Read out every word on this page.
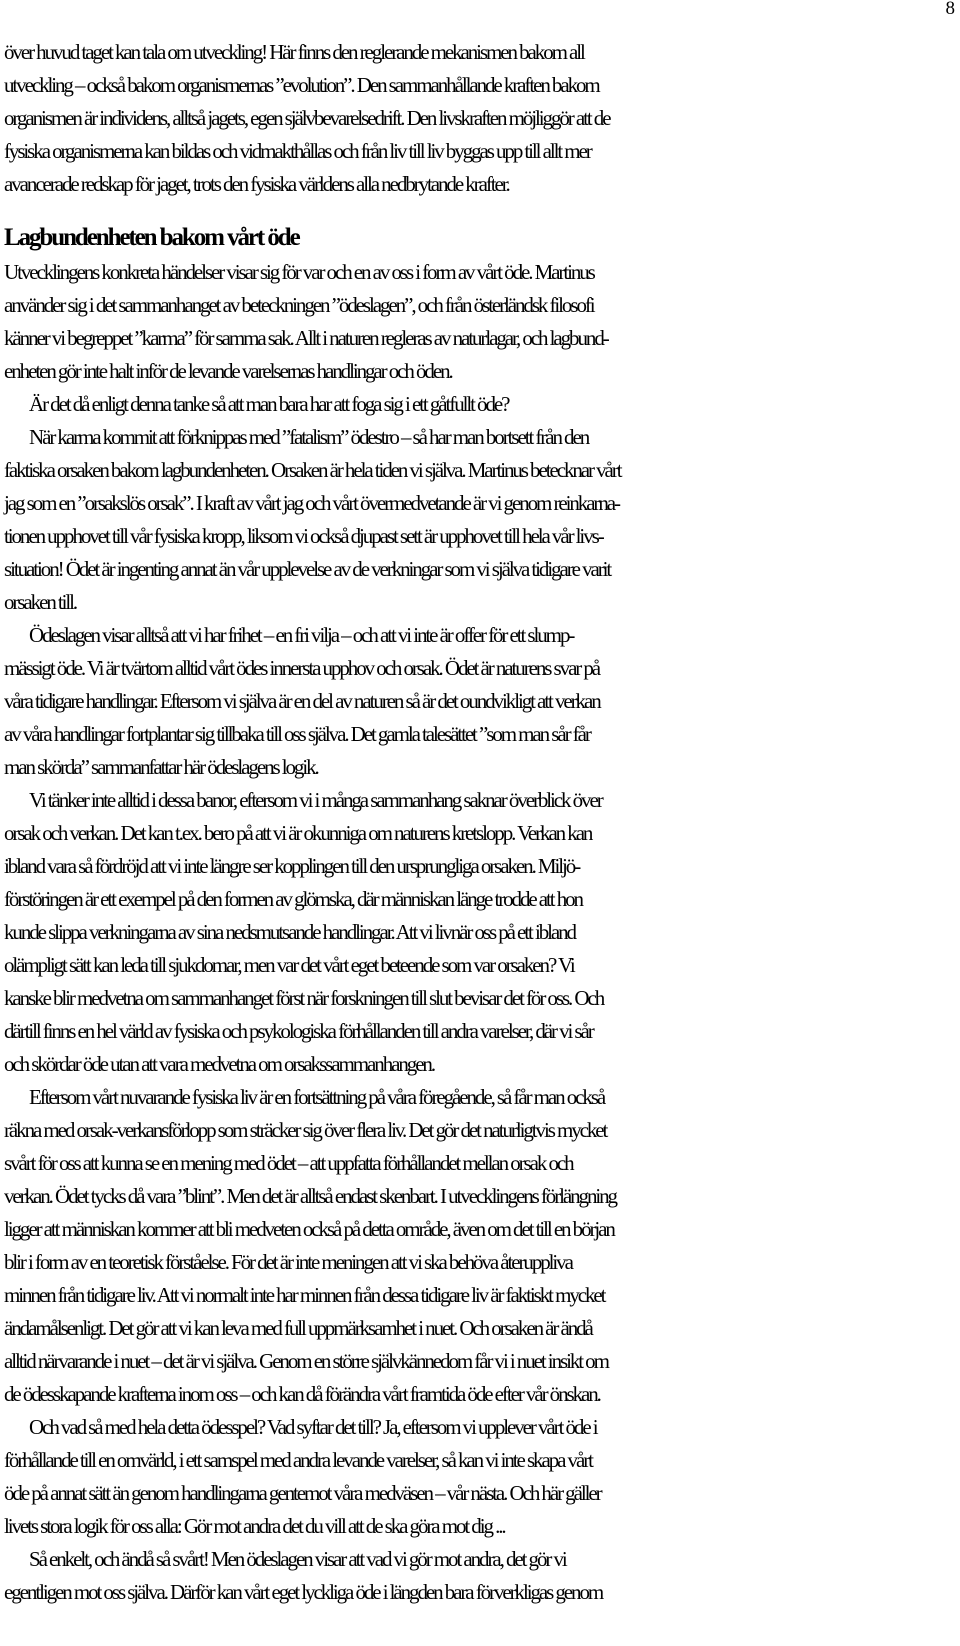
8
över huvud taget kan tala om utveckling! Här finns den reglerande mekanismen bakom all
utveckling – också bakom organismernas ”evolution”. Den sammanhållande kraften bakom
organismen är individens, alltså jagets, egen självbevarelsedrift. Den livskraften möjliggör att de
fysiska organismerna kan bildas och vidmakthållas och från liv till liv byggas upp till allt mer
avancerade redskap för jaget, trots den fysiska världens alla nedbrytande krafter.
Lagbundenheten bakom vårt öde
Utvecklingens konkreta händelser visar sig för var och en av oss i form av vårt öde. Martinus
använder sig i det sammanhanget av beteckningen ”ödeslagen”, och från österländsk filosofi
känner vi begreppet ”karma” för samma sak. Allt i naturen regleras av naturlagar, och lagbund-
enheten gör inte halt inför de levande varelsernas handlingar och öden.
Är det då enligt denna tanke så att man bara har att foga sig i ett gåtfullt öde?
När karma kommit att förknippas med ”fatalism” ödestro – så har man bortsett från den
faktiska orsaken bakom lagbundenheten. Orsaken är hela tiden vi själva. Martinus betecknar vårt
jag som en ”orsakslös orsak”. I kraft av vårt jag och vårt övermedvetande är vi genom reinkarna-
tionen upphovet till vår fysiska kropp, liksom vi också djupast sett är upphovet till hela vår livs-
situation! Ödet är ingenting annat än vår upplevelse av de verkningar som vi själva tidigare varit
orsaken till.
Ödeslagen visar alltså att vi har frihet – en fri vilja – och att vi inte är offer för ett slump-
mässigt öde. Vi är tvärtom alltid vårt ödes innersta upphov och orsak. Ödet är naturens svar på
våra tidigare handlingar. Eftersom vi själva är en del av naturen så är det oundvikligt att verkan
av våra handlingar fortplantar sig tillbaka till oss själva. Det gamla talesättet ”som man sår får
man skörda” sammanfattar här ödeslagens logik.
Vi tänker inte alltid i dessa banor, eftersom vi i många sammanhang saknar överblick över
orsak och verkan. Det kan t.ex. bero på att vi är okunniga om naturens kretslopp. Verkan kan
ibland vara så fördröjd att vi inte längre ser kopplingen till den ursprungliga orsaken. Miljö-
förstöringen är ett exempel på den formen av glömska, där människan länge trodde att hon
kunde slippa verkningarna av sina nedsmutsande handlingar. Att vi livnär oss på ett ibland
olämpligt sätt kan leda till sjukdomar, men var det vårt eget beteende som var orsaken? Vi
kanske blir medvetna om sammanhanget först när forskningen till slut bevisar det för oss. Och
därtill finns en hel värld av fysiska och psykologiska förhållanden till andra varelser, där vi sår
och skördar öde utan att vara medvetna om orsakssammanhangen.
Eftersom vårt nuvarande fysiska liv är en fortsättning på våra föregående, så får man också
räkna med orsak-verkansförlopp som sträcker sig över flera liv. Det gör det naturligtvis mycket
svårt för oss att kunna se en mening med ödet – att uppfatta förhållandet mellan orsak och
verkan. Ödet tycks då vara ”blint”. Men det är alltså endast skenbart. I utvecklingens förlängning
ligger att människan kommer att bli medveten också på detta område, även om det till en början
blir i form av en teoretisk förståelse. För det är inte meningen att vi ska behöva återuppliva
minnen från tidigare liv. Att vi normalt inte har minnen från dessa tidigare liv är faktiskt mycket
ändamålsenligt. Det gör att vi kan leva med full uppmärksamhet i nuet. Och orsaken är ändå
alltid närvarande i nuet – det är vi själva. Genom en större självkännedom får vi i nuet insikt om
de ödesskapande krafterna inom oss – och kan då förändra vårt framtida öde efter vår önskan.
Och vad så med hela detta ödesspel? Vad syftar det till? Ja, eftersom vi upplever vårt öde i
förhållande till en omvärld, i ett samspel med andra levande varelser, så kan vi inte skapa vårt
öde på annat sätt än genom handlingarna gentemot våra medväsen – vår nästa. Och här gäller
livets stora logik för oss alla: Gör mot andra det du vill att de ska göra mot dig ...
Så enkelt, och ändå så svårt! Men ödeslagen visar att vad vi gör mot andra, det gör vi
egentligen mot oss själva. Därför kan vårt eget lyckliga öde i längden bara förverkligas genom
